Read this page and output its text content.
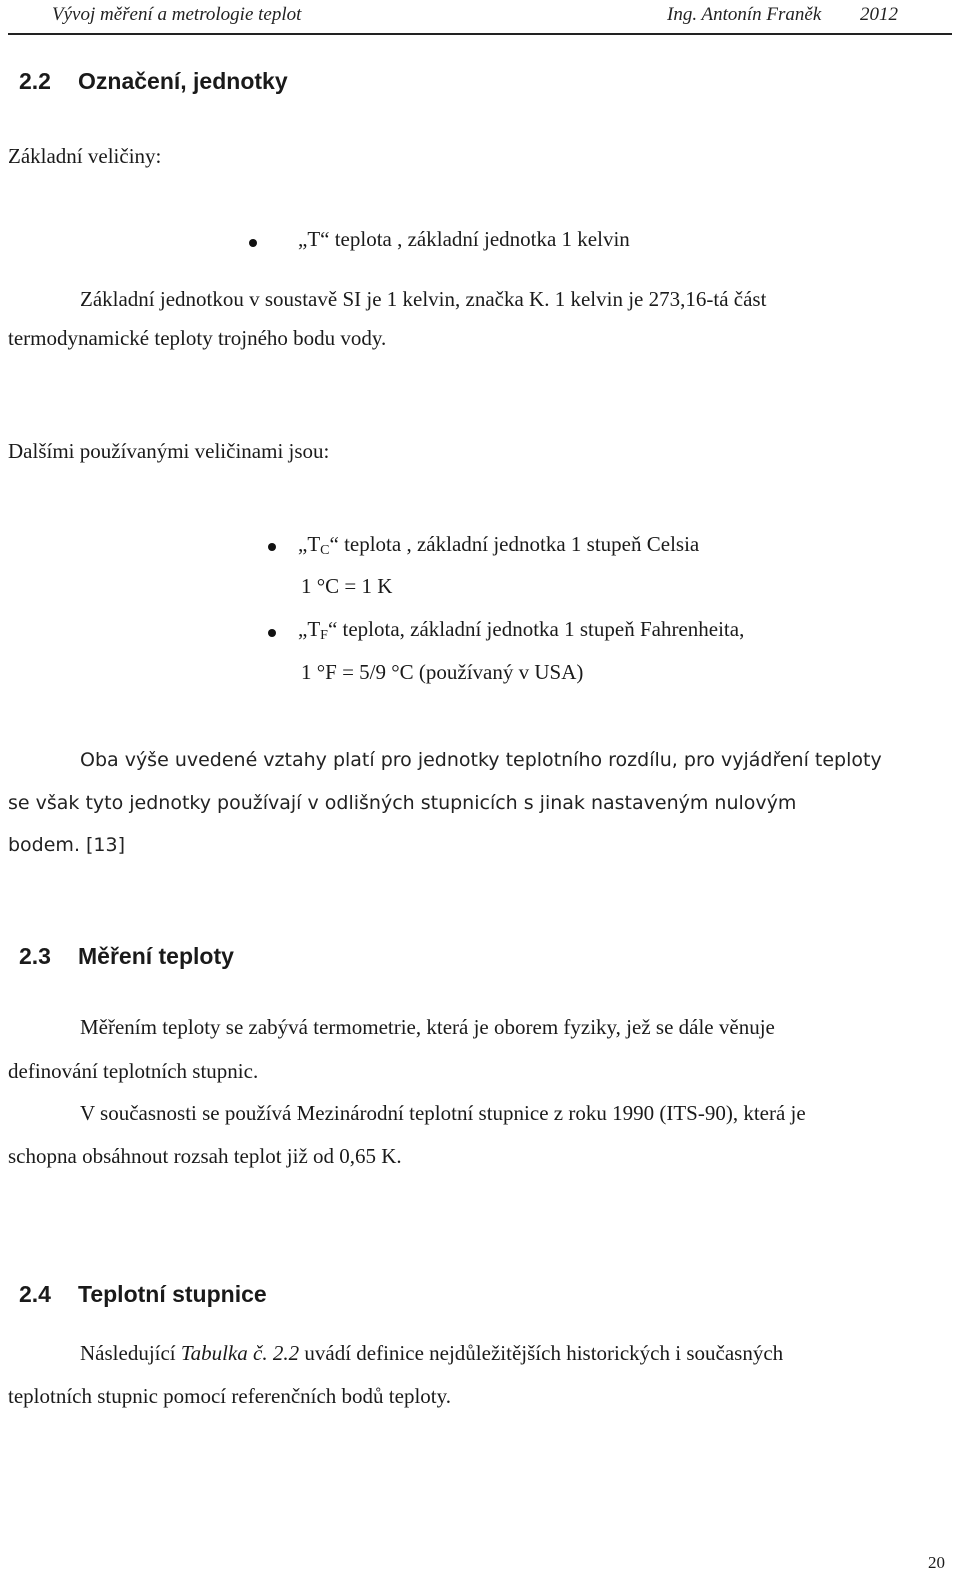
Vývoj měření a metrologie teplot	Ing. Antonín Franěk 2012
2.2 Označení, jednotky
Základní veličiny:
„T“ teplota , základní jednotka 1 kelvin
Základní jednotkou v soustavě SI je 1 kelvin, značka K. 1 kelvin je 273,16-tá část
termodynamické teploty trojného bodu vody.
Dalšími používanými veličinami jsou:
$„T_C“$ teplota , základní jednotka 1 stupeň Celsia
1 °C = 1 K
$„T_F“$ teplota, základní jednotka 1 stupeň Fahrenheita,
1 °F = 5/9 °C (používaný v USA)
Oba výše uvedené vztahy platí pro jednotky teplotního rozdílu, pro vyjádření teploty
se však tyto jednotky používají v odlišných stupnicích s jinak nastaveným nulovým
bodem. [13]
2.3 Měření teploty
Měřením teploty se zabývá termometrie, která je oborem fyziky, jež se dále věnuje
definování teplotních stupnic.
V současnosti se používá Mezinárodní teplotní stupnice z roku 1990 (ITS-90), která je
schopna obsáhnout rozsah teplot již od 0,65 K.
2.4 Teplotní stupnice
Následující Tabulka č. 2.2 uvádí definice nejdůležitějších historických i současných
teplotních stupnic pomocí referenčních bodů teploty.
20
